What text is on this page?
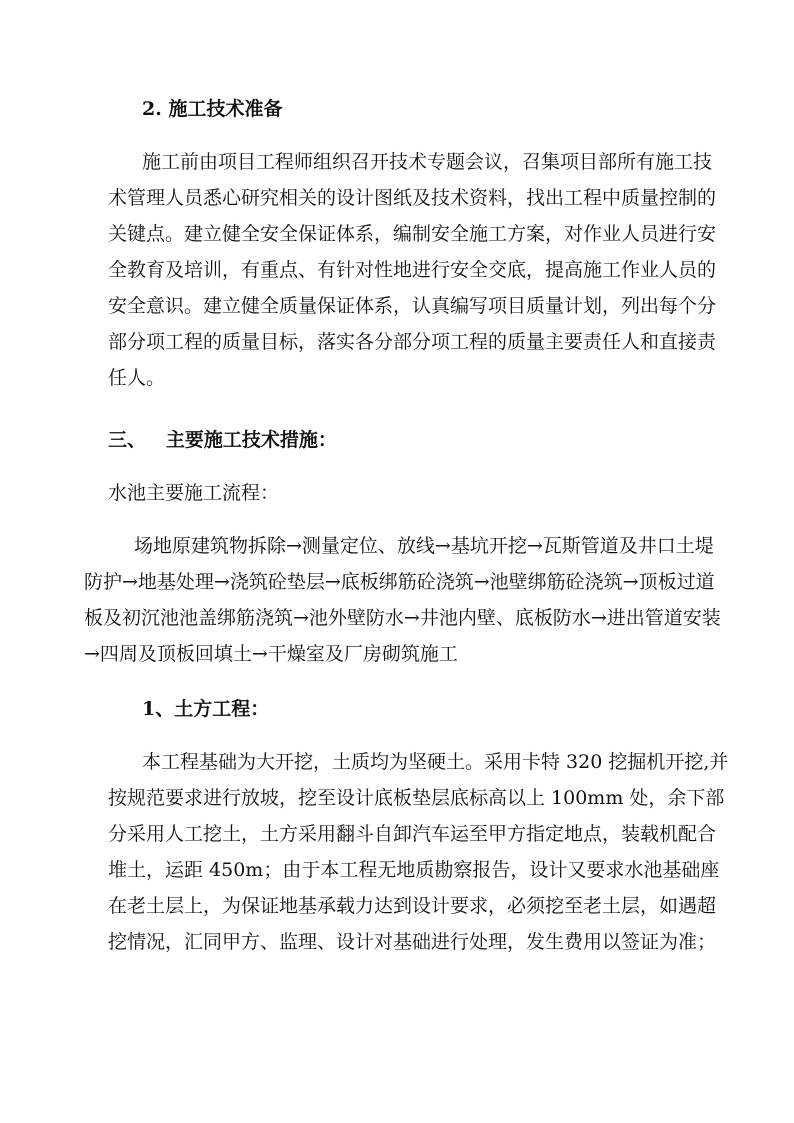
2. 施工技术准备
施工前由项目工程师组织召开技术专题会议，召集项目部所有施工技
术管理人员悉心研究相关的设计图纸及技术资料，找出工程中质量控制的
关键点。建立健全安全保证体系，编制安全施工方案，对作业人员进行安
全教育及培训，有重点、有针对性地进行安全交底，提高施工作业人员的
安全意识。建立健全质量保证体系，认真编写项目质量计划，列出每个分
部分项工程的质量目标，落实各分部分项工程的质量主要责任人和直接责
任人。
三、   主要施工技术措施：
水池主要施工流程：
场地原建筑物拆除→测量定位、放线→基坑开挖→瓦斯管道及井口土堤
防护→地基处理→浇筑砼垫层→底板绑筋砼浇筑→池壁绑筋砼浇筑→顶板过道
板及初沉池池盖绑筋浇筑→池外壁防水→井池内壁、底板防水→进出管道安装
→四周及顶板回填土→干燥室及厂房砌筑施工
1、土方工程：
本工程基础为大开挖，土质均为坚硬土。采用卡特 320 挖掘机开挖,并
按规范要求进行放坡，挖至设计底板垫层底标高以上 100mm 处，余下部
分采用人工挖土，土方采用翻斗自卸汽车运至甲方指定地点，装载机配合
堆土，运距 450m；由于本工程无地质勘察报告，设计又要求水池基础座
在老土层上，为保证地基承载力达到设计要求，必须挖至老土层，如遇超
挖情况，汇同甲方、监理、设计对基础进行处理，发生费用以签证为准；
